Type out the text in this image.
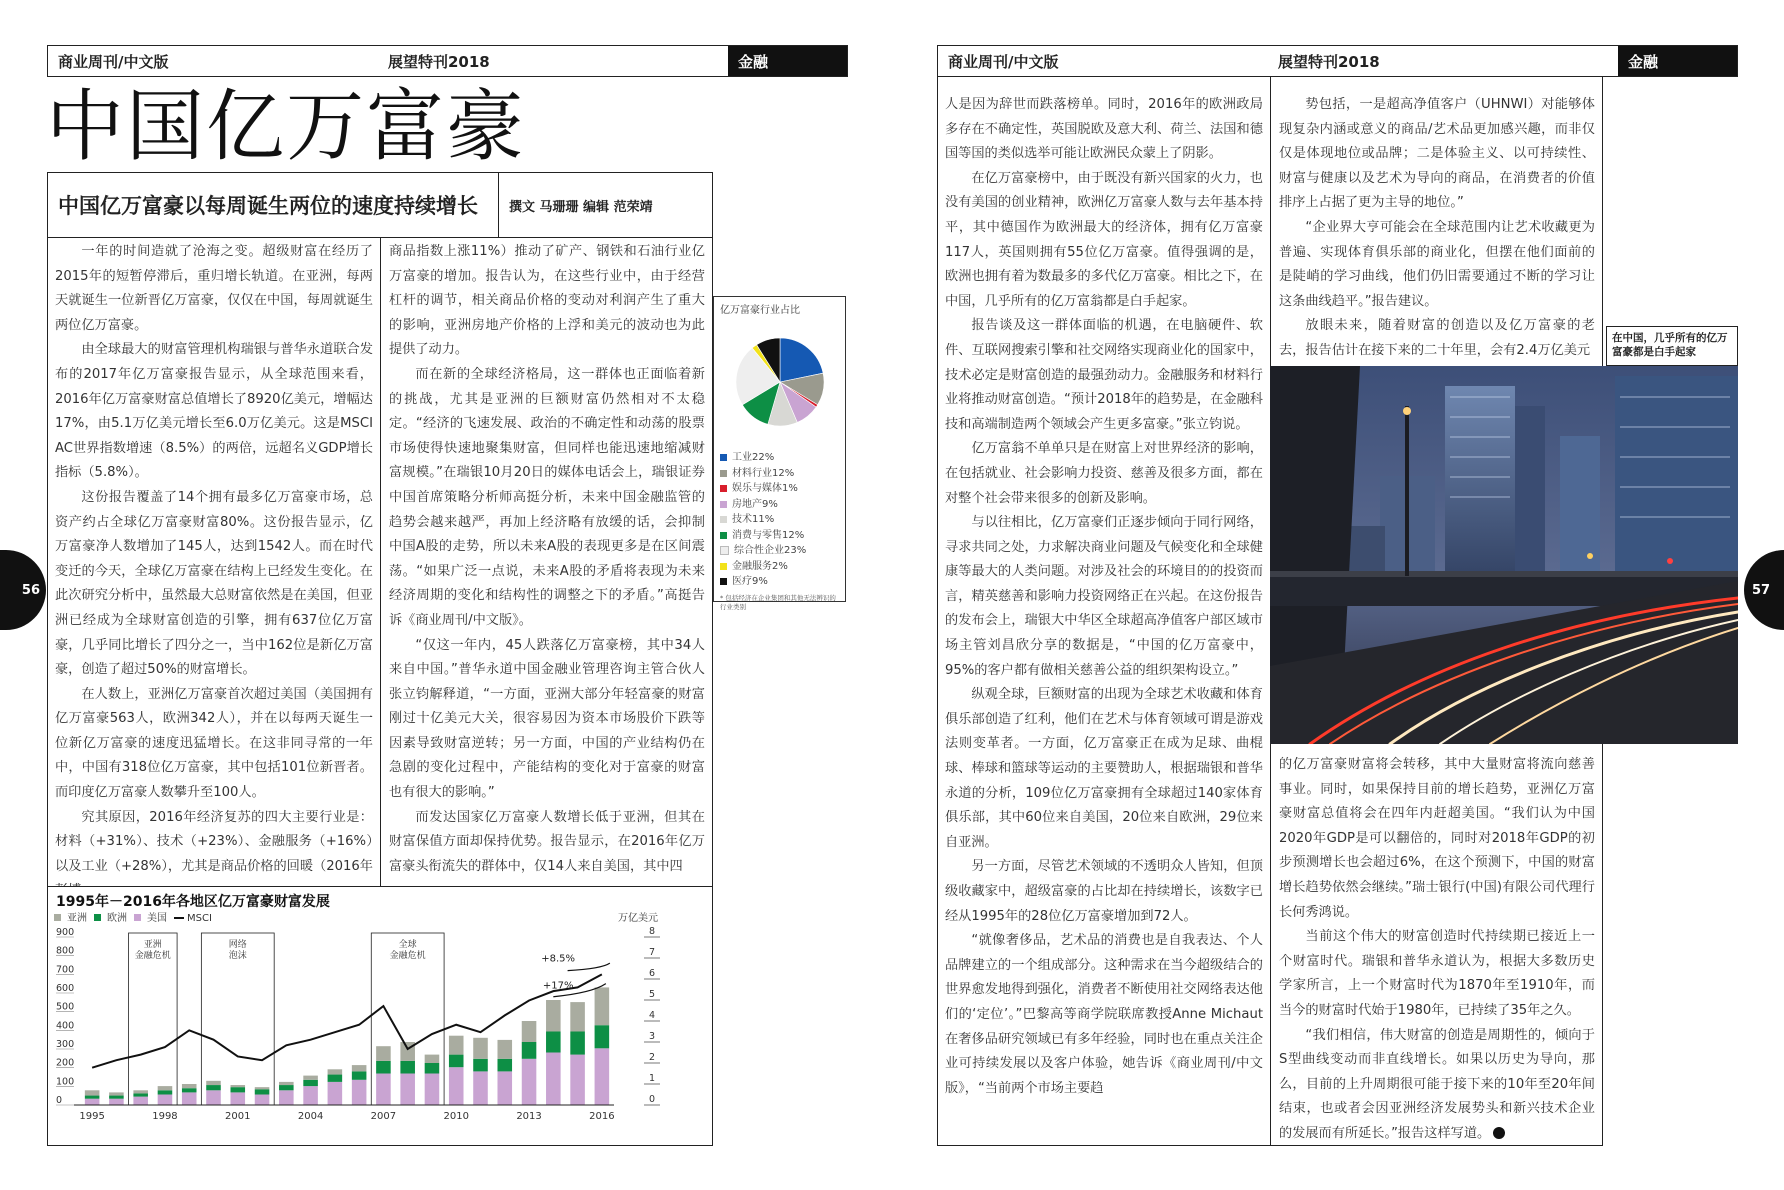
商业周刊/中文版	展望特刊2018	金融
中国亿万富豪
中国亿万富豪以每周诞生两位的速度持续增长	撰文 马珊珊 编辑 范荣靖

一年的时间造就了沧海之变。超级财富在经历了2015年的短暂停滞后，重归增长轨道。在亚洲，每两天就诞生一位新晋亿万富豪，仅仅在中国，每周就诞生两位亿万富豪。

由全球最大的财富管理机构瑞银与普华永道联合发布的2017年亿万富豪报告显示，从全球范围来看，2016年亿万富豪财富总值增长了8920亿美元，增幅达17%，由5.1万亿美元增长至6.0万亿美元。这是MSCI AC世界指数增速（8.5%）的两倍，远超名义GDP增长指标（5.8%）。

这份报告覆盖了14个拥有最多亿万富豪市场，总资产约占全球亿万富豪财富80%。这份报告显示，亿万富豪净人数增加了145人，达到1542人。而在时代变迁的今天，全球亿万富豪在结构上已经发生变化。在此次研究分析中，虽然最大总财富依然是在美国，但亚洲已经成为全球财富创造的引擎，拥有637位亿万富豪，几乎同比增长了四分之一，当中162位是新亿万富豪，创造了超过50%的财富增长。

在人数上，亚洲亿万富豪首次超过美国（美国拥有亿万富豪563人，欧洲342人），并在以每两天诞生一位新亿万富豪的速度迅猛增长。在这非同寻常的一年中，中国有318位亿万富豪，其中包括101位新晋者。而印度亿万富豪人数攀升至100人。

究其原因，2016年经济复苏的四大主要行业是：材料（+31%）、技术（+23%）、金融服务（+16%）以及工业（+28%），尤其是商品价格的回暖（2016年

商品指数上涨11%）推动了矿产、钢铁和石油行业亿万富豪的增加。报告认为，在这些行业中，由于经营杠杆的调节，相关商品价格的变动对利润产生了重大的影响，亚洲房地产价格的上浮和美元的波动也为此提供了动力。

而在新的全球经济格局，这一群体也正面临着新的挑战，尤其是亚洲的巨额财富仍然相对不太稳定。“经济的飞速发展、政治的不确定性和动荡的股票市场使得快速地聚集财富，但同样也能迅速地缩减财富规模。”在瑞银10月20日的媒体电话会上，瑞银证券中国首席策略分析师高挺分析，未来中国金融监管的趋势会越来越严，再加上经济略有放缓的话，会抑制中国A股的走势，所以未来A股的表现更多是在区间震荡。“如果广泛一点说，未来A股的矛盾将表现为未来经济周期的变化和结构性的调整之下的矛盾。”高挺告诉《商业周刊/中文版》。

“仅这一年内，45人跌落亿万富豪榜，其中34人来自中国。”普华永道中国金融业管理咨询主管合伙人张立钧解释道，“一方面，亚洲大部分年轻富豪的财富刚过十亿美元大关，很容易因为资本市场股价下跌等因素导致财富逆转；另一方面，中国的产业结构仍在急剧的变化过程中，产能结构的变化对于富豪的财富也有很大的影响。”

而发达国家亿万富豪人数增长低于亚洲，但其在财富保值方面却保持优势。报告显示，在2016年亿万富豪头衔流失的群体中，仅14人来自美国，其中四

亿万富豪行业占比
工业22%
材料行业12%
娱乐与媒体1%
房地产9%
技术11%
消费与零售12%
综合性企业23%
金融服务2%
医疗9%
* 包括经济在企业集团和其他无法辨识的行业类别
1995年－2016年各地区亿万富豪财富发展
亚洲 欧洲 美国 MSCI	万亿美元
0
100
200
300
400
500
600
700
800
900
0
1
2
3
4
5
6
7
8
亚洲
金融危机
网络
泡沫
全球
金融危机	+8.5%
+17%
1995	1998	2001	2004	2007	2010	2013	2016
56
商业周刊/中文版	展望特刊2018	金融

人是因为辞世而跌落榜单。同时，2016年的欧洲政局多存在不确定性，英国脱欧及意大利、荷兰、法国和德国等国的类似选举可能让欧洲民众蒙上了阴影。

在亿万富豪榜中，由于既没有新兴国家的火力，也没有美国的创业精神，欧洲亿万富豪人数与去年基本持平，其中德国作为欧洲最大的经济体，拥有亿万富豪117人，英国则拥有55位亿万富豪。值得强调的是，欧洲也拥有着为数最多的多代亿万富豪。相比之下，在中国，几乎所有的亿万富翁都是白手起家。

报告谈及这一群体面临的机遇，在电脑硬件、软件、互联网搜索引擎和社交网络实现商业化的国家中，技术必定是财富创造的最强劲动力。金融服务和材料行业将推动财富创造。“预计2018年的趋势是，在金融科技和高端制造两个领域会产生更多富豪。”张立钧说。

亿万富翁不单单只是在财富上对世界经济的影响，在包括就业、社会影响力投资、慈善及很多方面，都在对整个社会带来很多的创新及影响。

与以往相比，亿万富豪们正逐步倾向于同行网络，寻求共同之处，力求解决商业问题及气候变化和全球健康等最大的人类问题。对涉及社会的环境目的的投资而言，精英慈善和影响力投资网络正在兴起。在这份报告的发布会上，瑞银大中华区全球超高净值客户部区域市场主管刘昌欣分享的数据是，“中国的亿万富豪中，95%的客户都有做相关慈善公益的组织架构设立。”

纵观全球，巨额财富的出现为全球艺术收藏和体育俱乐部创造了红利，他们在艺术与体育领域可谓是游戏法则变革者。一方面，亿万富豪正在成为足球、曲棍球、棒球和篮球等运动的主要赞助人，根据瑞银和普华永道的分析，109位亿万富豪拥有全球超过140家体育俱乐部，其中60位来自美国，20位来自欧洲，29位来自亚洲。

另一方面，尽管艺术领域的不透明众人皆知，但顶级收藏家中，超级富豪的占比却在持续增长，该数字已经从1995年的28位亿万富豪增加到72人。

“就像奢侈品，艺术品的消费也是自我表达、个人品牌建立的一个组成部分。这种需求在当今超级结合的世界愈发地得到强化，消费者不断使用社交网络表达他们的‘定位’。”巴黎高等商学院联席教授Anne Michaut在奢侈品研究领域已有多年经验，同时也在重点关注企业可持续发展以及客户体验，她告诉《商业周刊/中文版》，“当前两个市场主要趋

势包括，一是超高净值客户（UHNWI）对能够体现复杂内涵或意义的商品/艺术品更加感兴趣，而非仅仅是体现地位或品牌；二是体验主义、以可持续性、财富与健康以及艺术为导向的商品，在消费者的价值排序上占据了更为主导的地位。”

“企业界大亨可能会在全球范围内让艺术收藏更为普遍、实现体育俱乐部的商业化，但摆在他们面前的是陡峭的学习曲线，他们仍旧需要通过不断的学习让这条曲线趋平。”报告建议。

放眼未来，随着财富的创造以及亿万富豪的老去，报告估计在接下来的二十年里，会有2.4万亿美元

的亿万富豪财富将会转移，其中大量财富将流向慈善事业。同时，如果保持目前的增长趋势，亚洲亿万富豪财富总值将会在四年内赶超美国。“我们认为中国2020年GDP是可以翻倍的，同时对2018年GDP的初步预测增长也会超过6%，在这个预测下，中国的财富增长趋势依然会继续。”瑞士银行(中国)有限公司代理行长何秀鸿说。

当前这个伟大的财富创造时代持续期已接近上一个财富时代。瑞银和普华永道认为，根据大多数历史学家所言，上一个财富时代为1870年至1910年，而当今的财富时代始于1980年，已持续了35年之久。

“我们相信，伟大财富的创造是周期性的，倾向于S型曲线变动而非直线增长。如果以历史为导向，那么，目前的上升周期很可能于接下来的10年至20年间结束，也或者会因亚洲经济发展势头和新兴技术企业的发展而有所延长。”报告这样写道。 B

57
在中国，几乎所有的亿万富豪都是白手起家
